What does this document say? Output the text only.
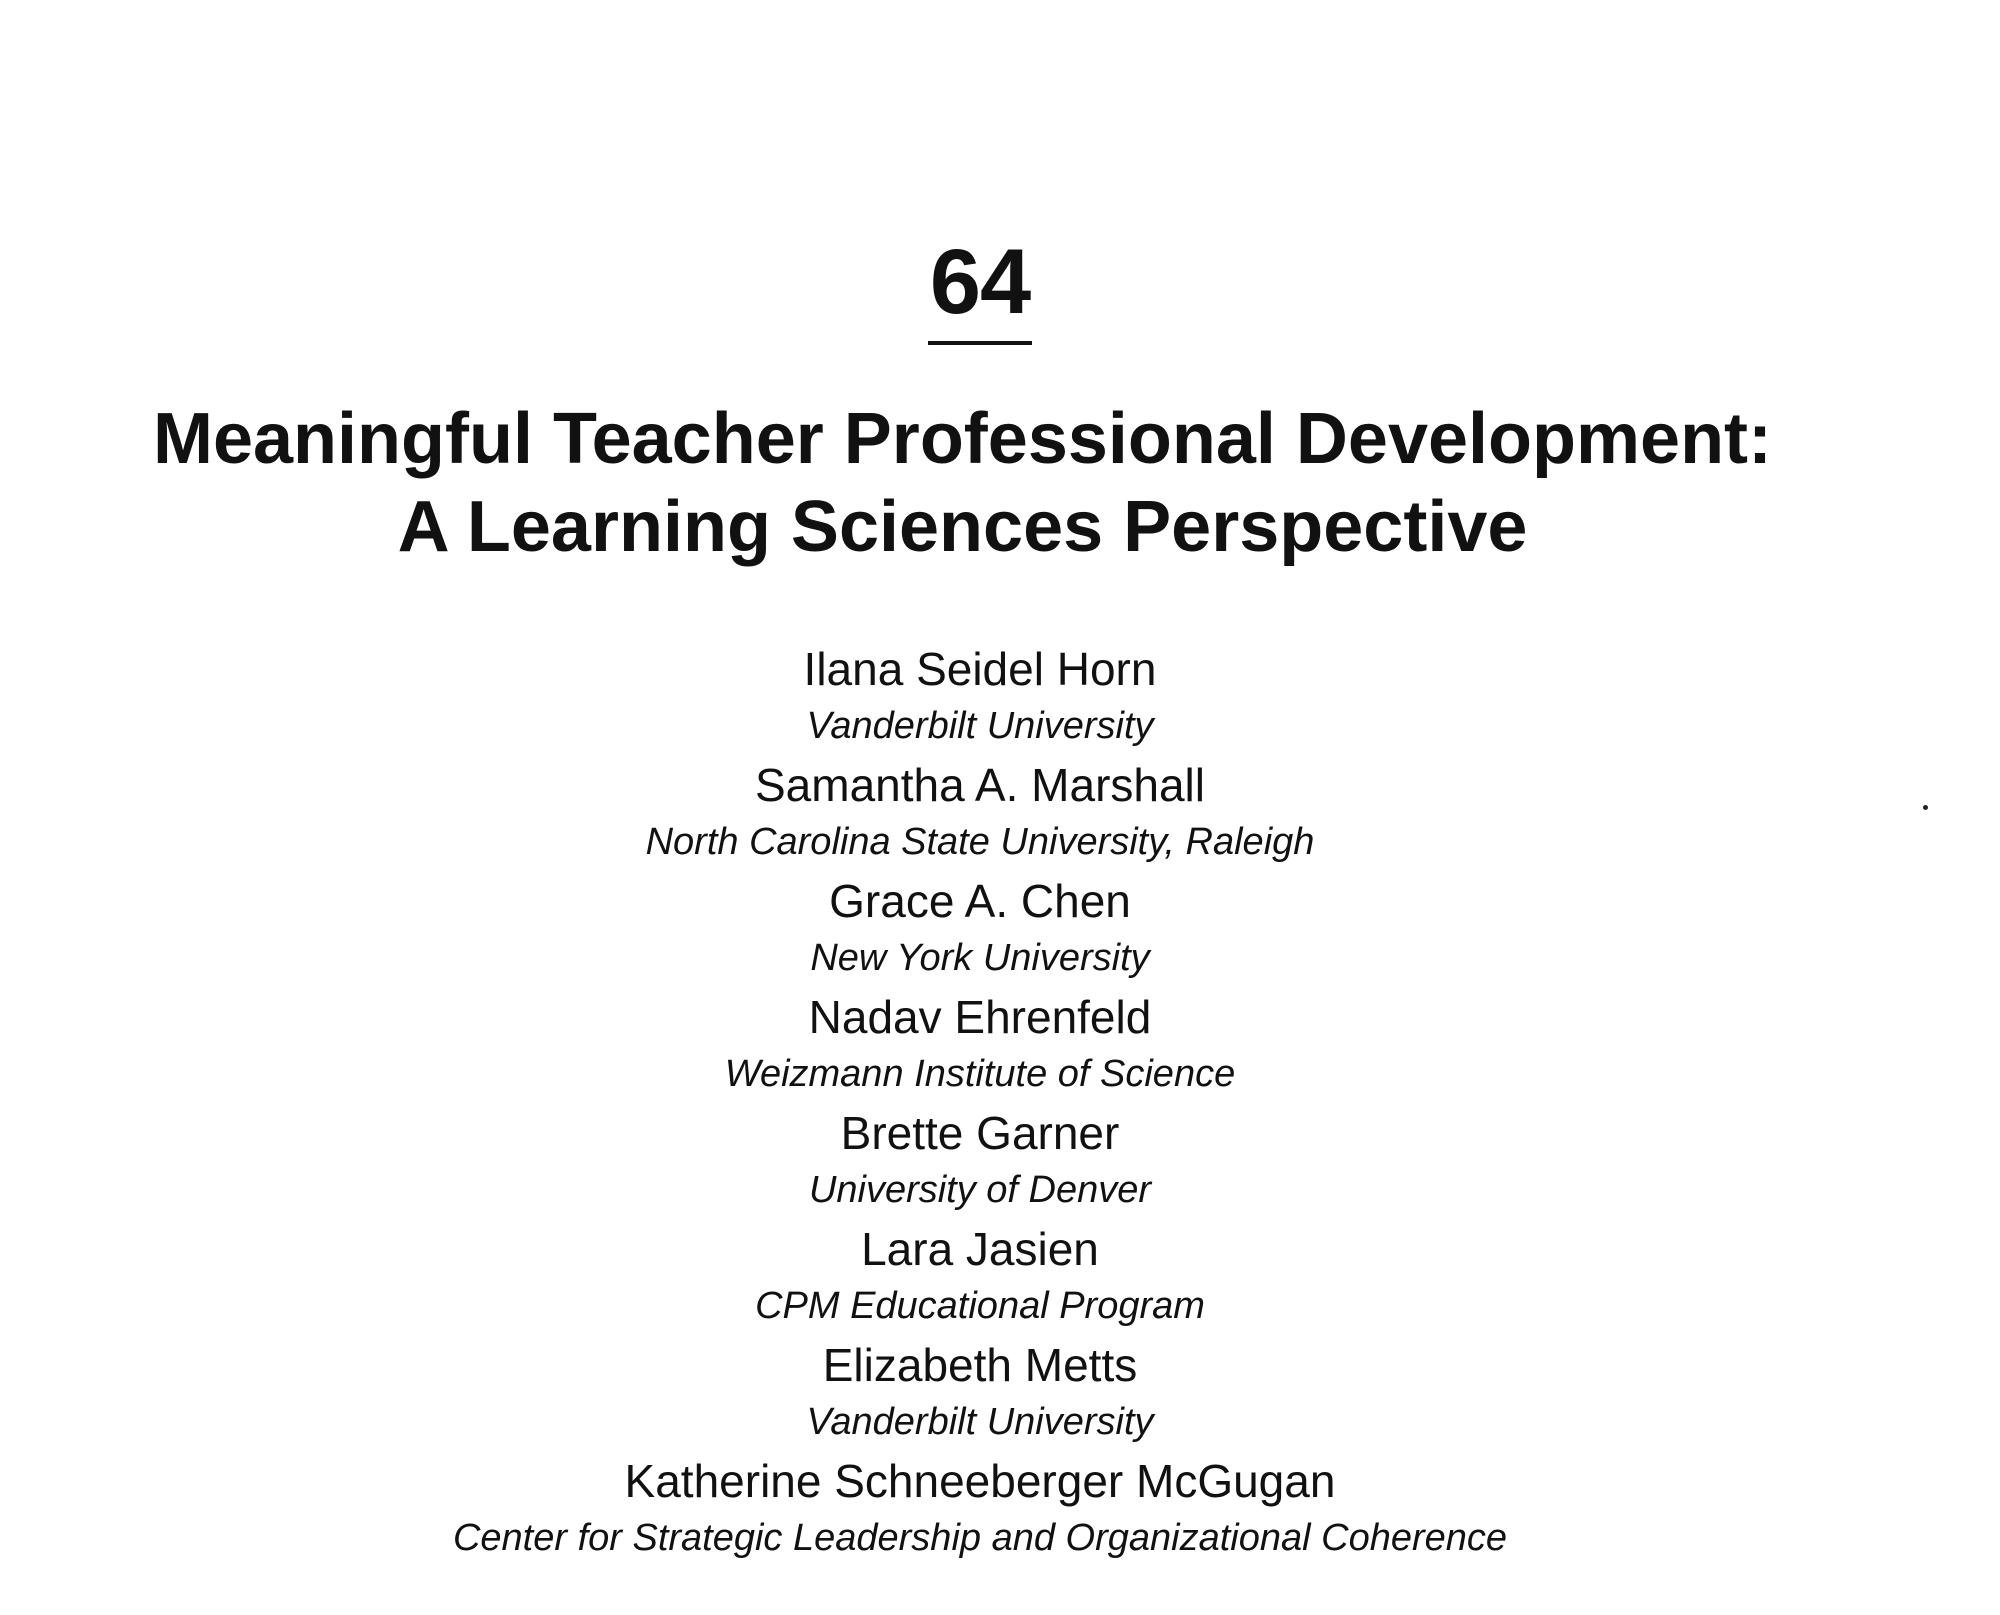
64
Meaningful Teacher Professional Development:
A Learning Sciences Perspective
Ilana Seidel Horn
Vanderbilt University
Samantha A. Marshall
North Carolina State University, Raleigh
Grace A. Chen
New York University
Nadav Ehrenfeld
Weizmann Institute of Science
Brette Garner
University of Denver
Lara Jasien
CPM Educational Program
Elizabeth Metts
Vanderbilt University
Katherine Schneeberger McGugan
Center for Strategic Leadership and Organizational Coherence
